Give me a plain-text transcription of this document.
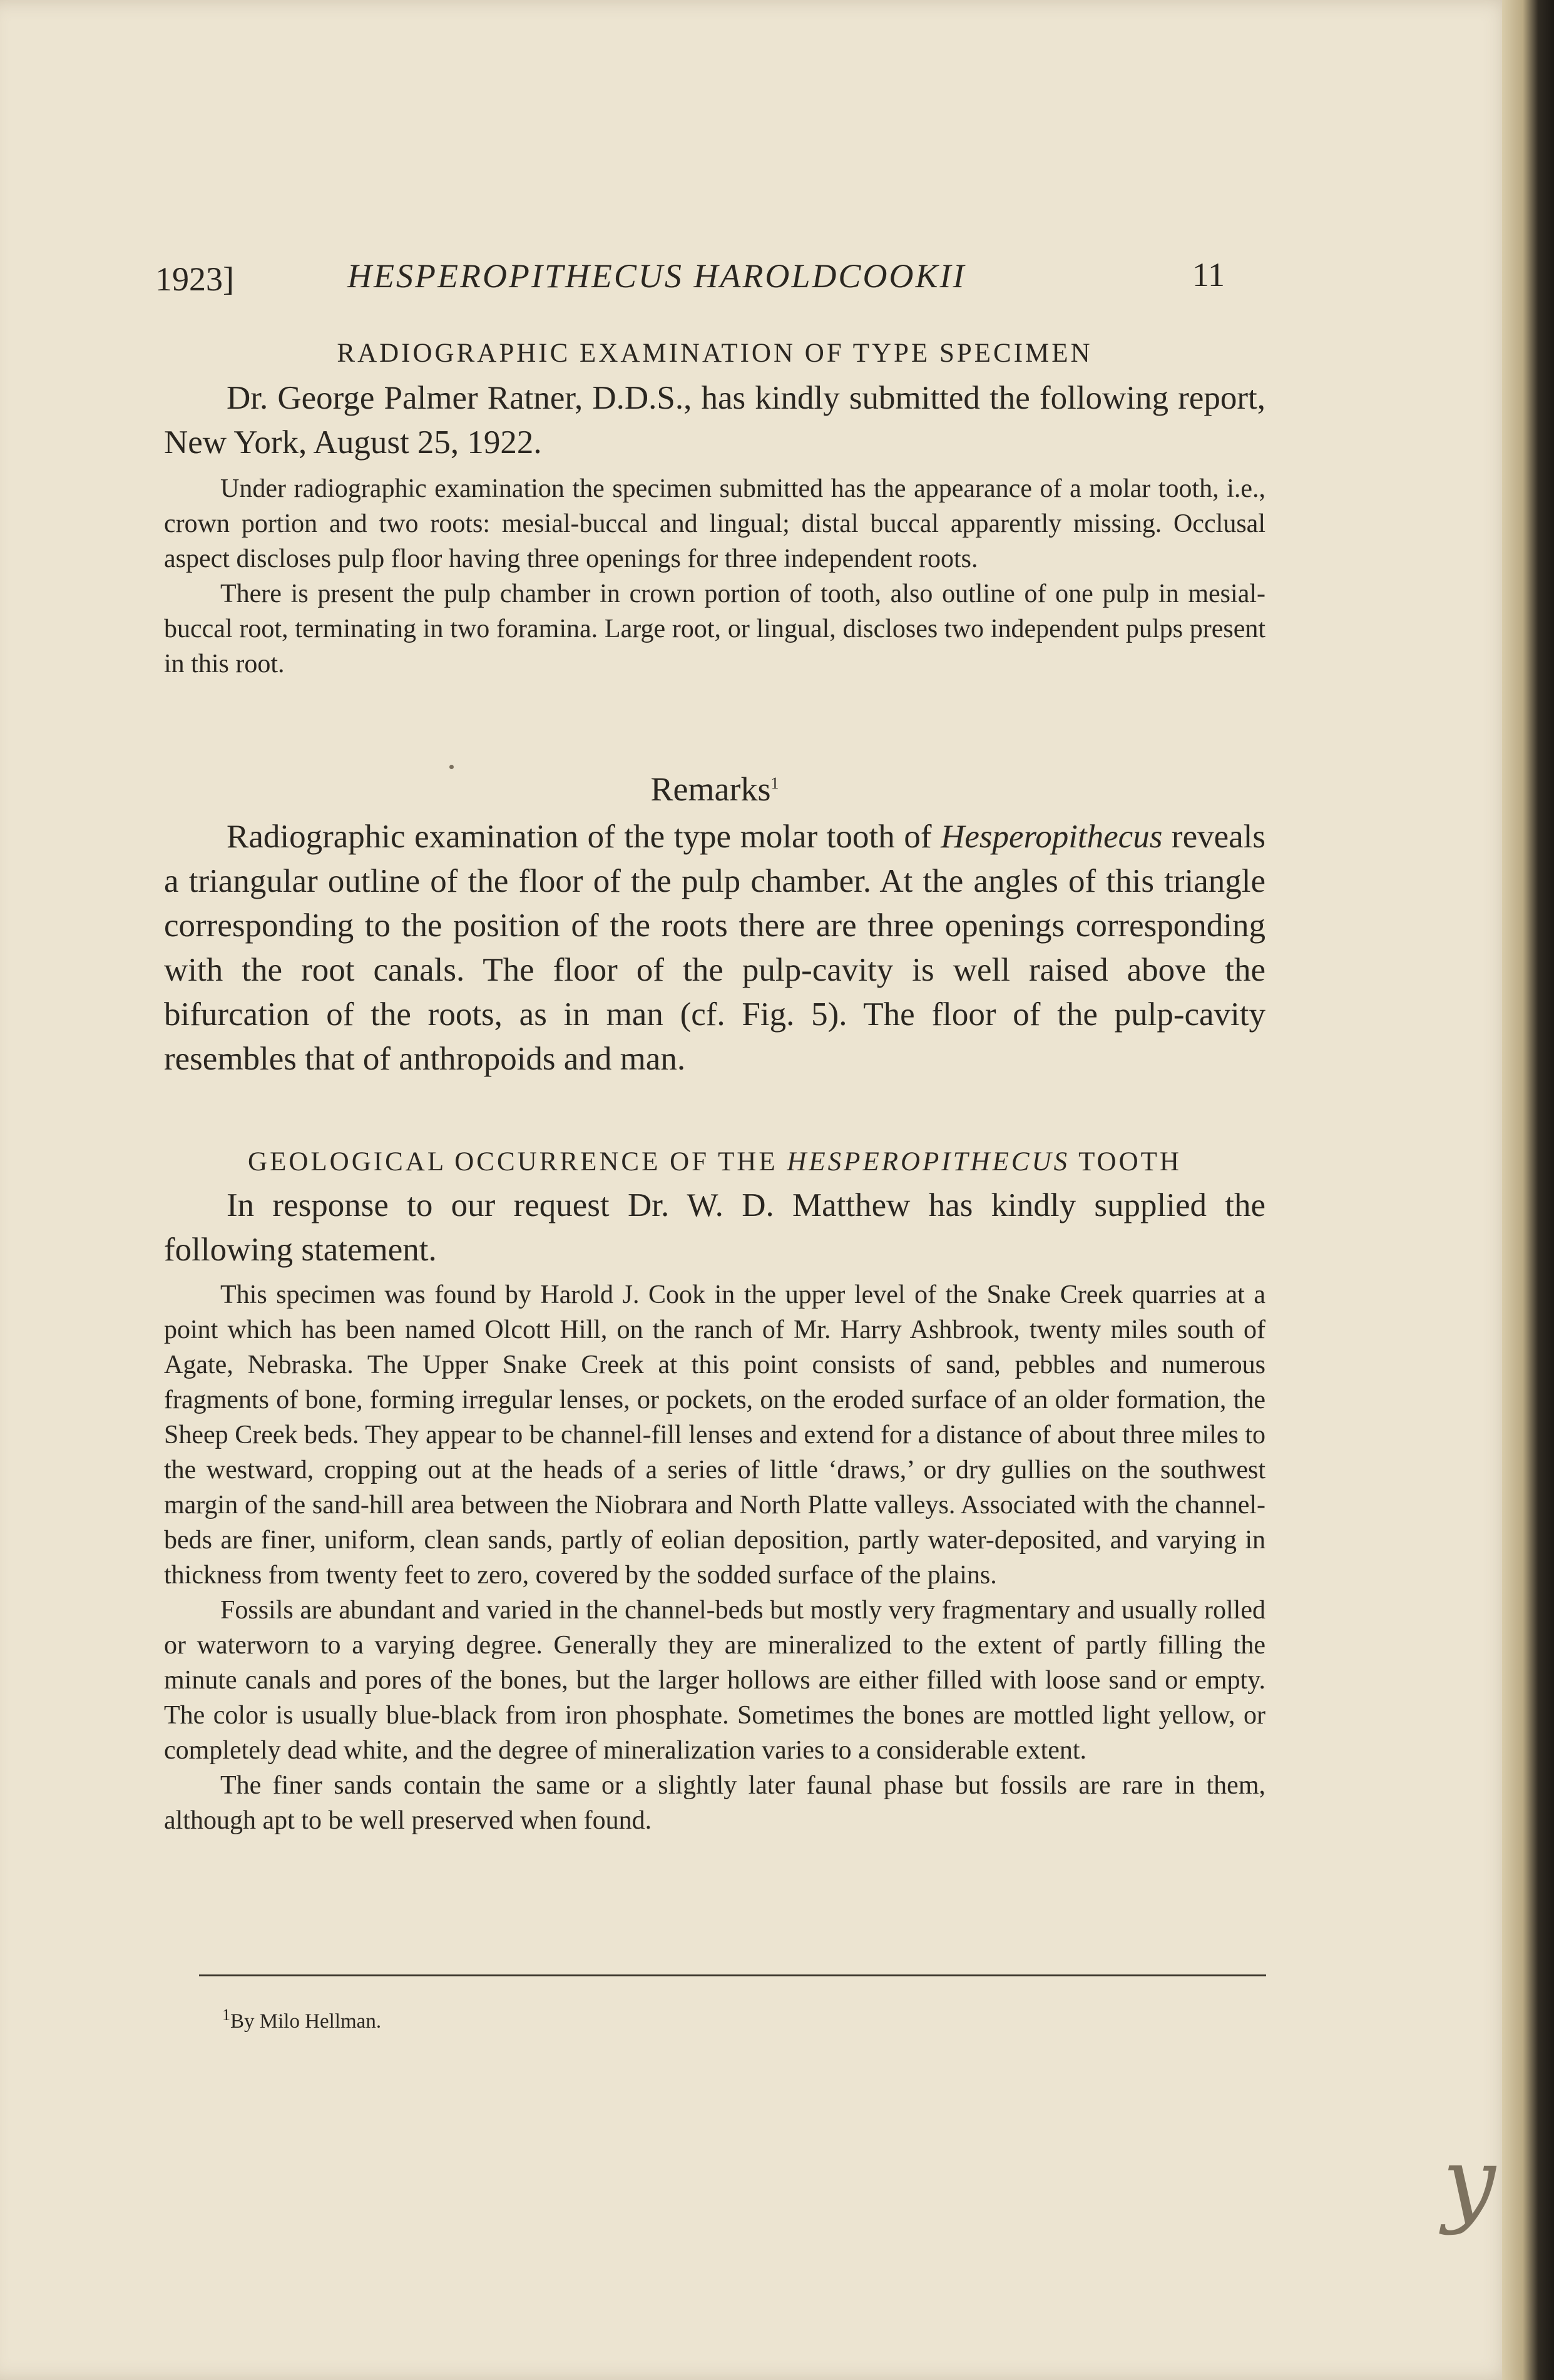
1923]	HESPEROPITHECUS HAROLDCOOKII	11

RADIOGRAPHIC EXAMINATION OF TYPE SPECIMEN

Dr. George Palmer Ratner, D.D.S., has kindly submitted the following report, New York, August 25, 1922.

Under radiographic examination the specimen submitted has the appearance of a molar tooth, i.e., crown portion and two roots: mesial-buccal and lingual; distal buccal apparently missing. Occlusal aspect discloses pulp floor having three openings for three independent roots.

There is present the pulp chamber in crown portion of tooth, also outline of one pulp in mesial-buccal root, terminating in two foramina. Large root, or lingual, discloses two independent pulps present in this root.

Remarks$^1$

Radiographic examination of the type molar tooth of Hesperopithecus reveals a triangular outline of the floor of the pulp chamber. At the angles of this triangle corresponding to the position of the roots there are three openings corresponding with the root canals. The floor of the pulp-cavity is well raised above the bifurcation of the roots, as in man (cf. Fig. 5). The floor of the pulp-cavity resembles that of anthropoids and man.

GEOLOGICAL OCCURRENCE OF THE HESPEROPITHECUS TOOTH

In response to our request Dr. W. D. Matthew has kindly supplied the following statement.

This specimen was found by Harold J. Cook in the upper level of the Snake Creek quarries at a point which has been named Olcott Hill, on the ranch of Mr. Harry Ashbrook, twenty miles south of Agate, Nebraska. The Upper Snake Creek at this point consists of sand, pebbles and numerous fragments of bone, forming irregular lenses, or pockets, on the eroded surface of an older formation, the Sheep Creek beds. They appear to be channel-fill lenses and extend for a distance of about three miles to the westward, cropping out at the heads of a series of little ‘draws,’ or dry gullies on the southwest margin of the sand-hill area between the Niobrara and North Platte valleys. Associated with the channel-beds are finer, uniform, clean sands, partly of eolian deposition, partly water-deposited, and varying in thickness from twenty feet to zero, covered by the sodded surface of the plains.

Fossils are abundant and varied in the channel-beds but mostly very fragmentary and usually rolled or waterworn to a varying degree. Generally they are mineralized to the extent of partly filling the minute canals and pores of the bones, but the larger hollows are either filled with loose sand or empty. The color is usually blue-black from iron phosphate. Sometimes the bones are mottled light yellow, or completely dead white, and the degree of mineralization varies to a considerable extent.

The finer sands contain the same or a slightly later faunal phase but fossils are rare in them, although apt to be well preserved when found.

$^1$By Milo Hellman.
y
